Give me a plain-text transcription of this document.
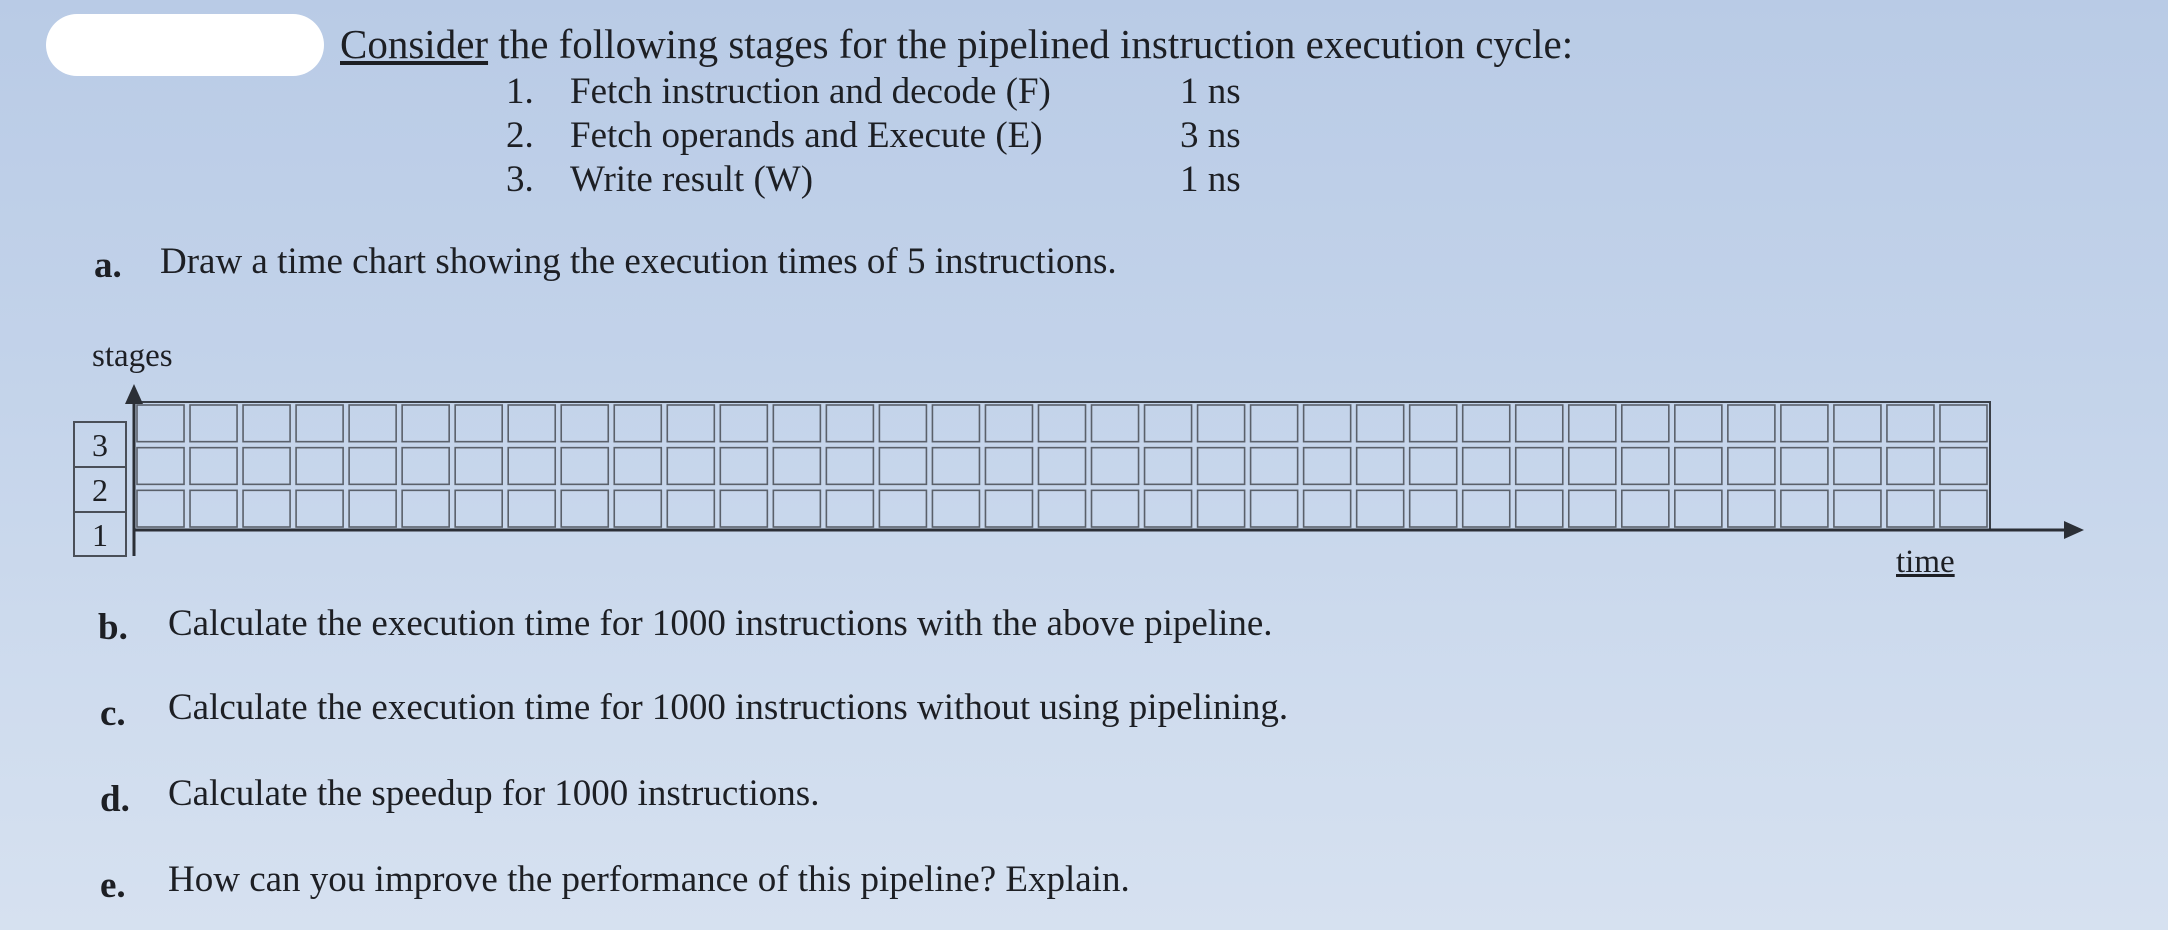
Consider the following stages for the pipelined instruction execution cycle:
1. Fetch instruction and decode (F)
2. Fetch operands and Execute (E)
3. Write result (W)
1 ns
3 ns
1 ns
a. Draw a time chart showing the execution times of 5 instructions.
stages
time
3
2
1
b. Calculate the execution time for 1000 instructions with the above pipeline.
c. Calculate the execution time for 1000 instructions without using pipelining.
d. Calculate the speedup for 1000 instructions.
e. How can you improve the performance of this pipeline? Explain.
